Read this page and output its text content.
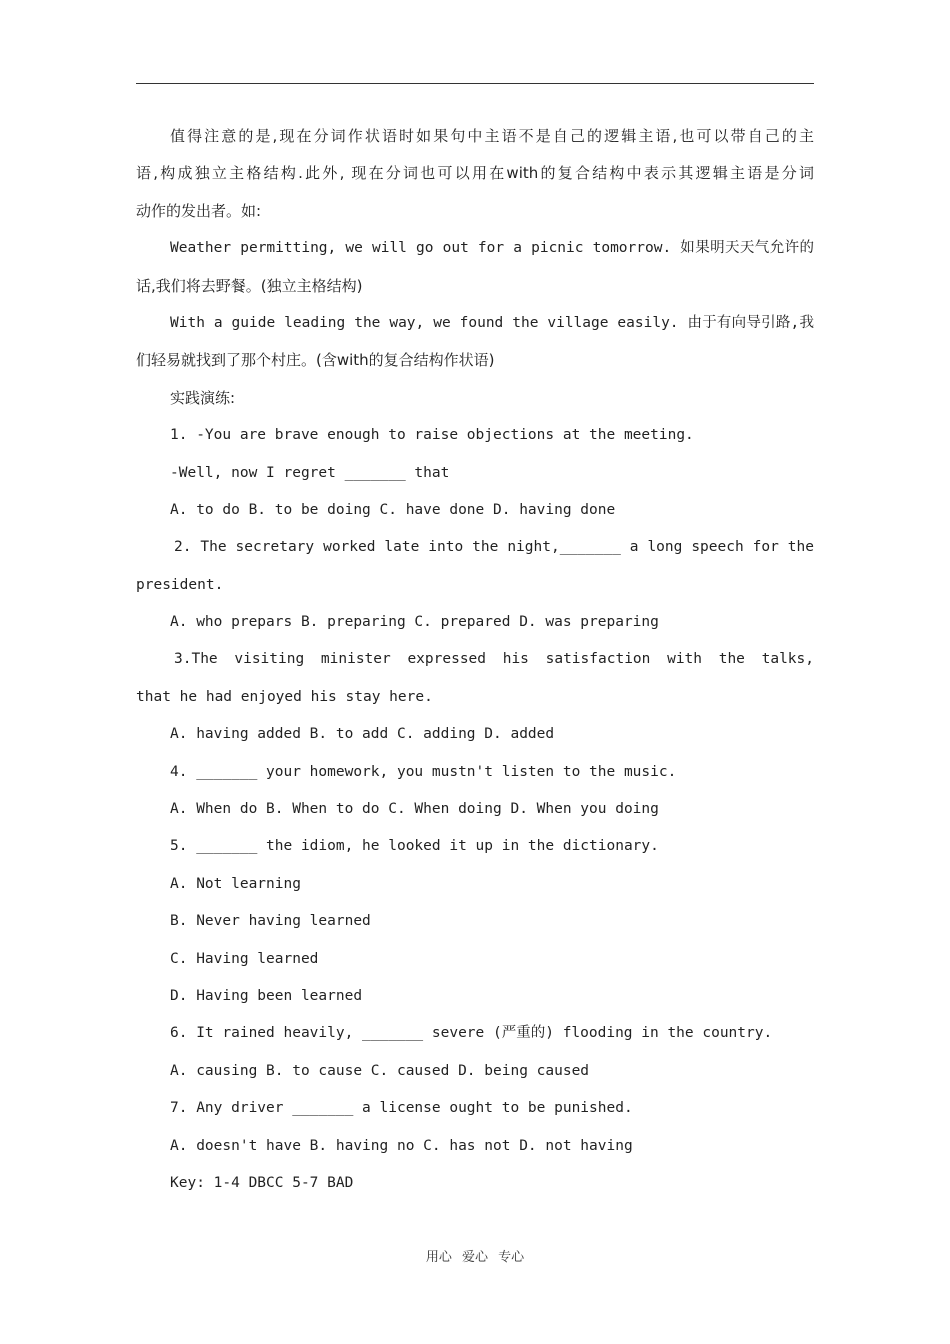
值得注意的是,现在分词作状语时如果句中主语不是自己的逻辑主语,也可以带自己的主
语,构成独立主格结构.此外, 现在分词也可以用在with的复合结构中表示其逻辑主语是分词
动作的发出者。如:
Weather permitting, we will go out for a picnic tomorrow. 如果明天天气允许的
话,我们将去野餐。(独立主格结构)
With a guide leading the way, we found the village easily. 由于有向导引路,我
们轻易就找到了那个村庄。(含with的复合结构作状语)
实践演练:
1. -You are brave enough to raise objections at the meeting.
-Well, now I regret _______ that
A. to do B. to be doing C. have done D. having done
2. The secretary worked late into the night,_______ a long speech for the
president.
A. who prepars B. preparing C. prepared D. was preparing
3.The visiting minister expressed his satisfaction with the talks,
that he had enjoyed his stay here.
A. having added B. to add C. adding D. added
4. _______ your homework, you mustn't listen to the music.
A. When do B. When to do C. When doing D. When you doing
5. _______ the idiom, he looked it up in the dictionary.
A. Not learning
B. Never having learned
C. Having learned
D. Having been learned
6. It rained heavily, _______ severe (严重的) flooding in the country.
A. causing B. to cause C. caused D. being caused
7. Any driver _______ a license ought to be punished.
A. doesn't have B. having no C. has not D. not having
Key: 1-4 DBCC 5-7 BAD
用心 爱心 专心
